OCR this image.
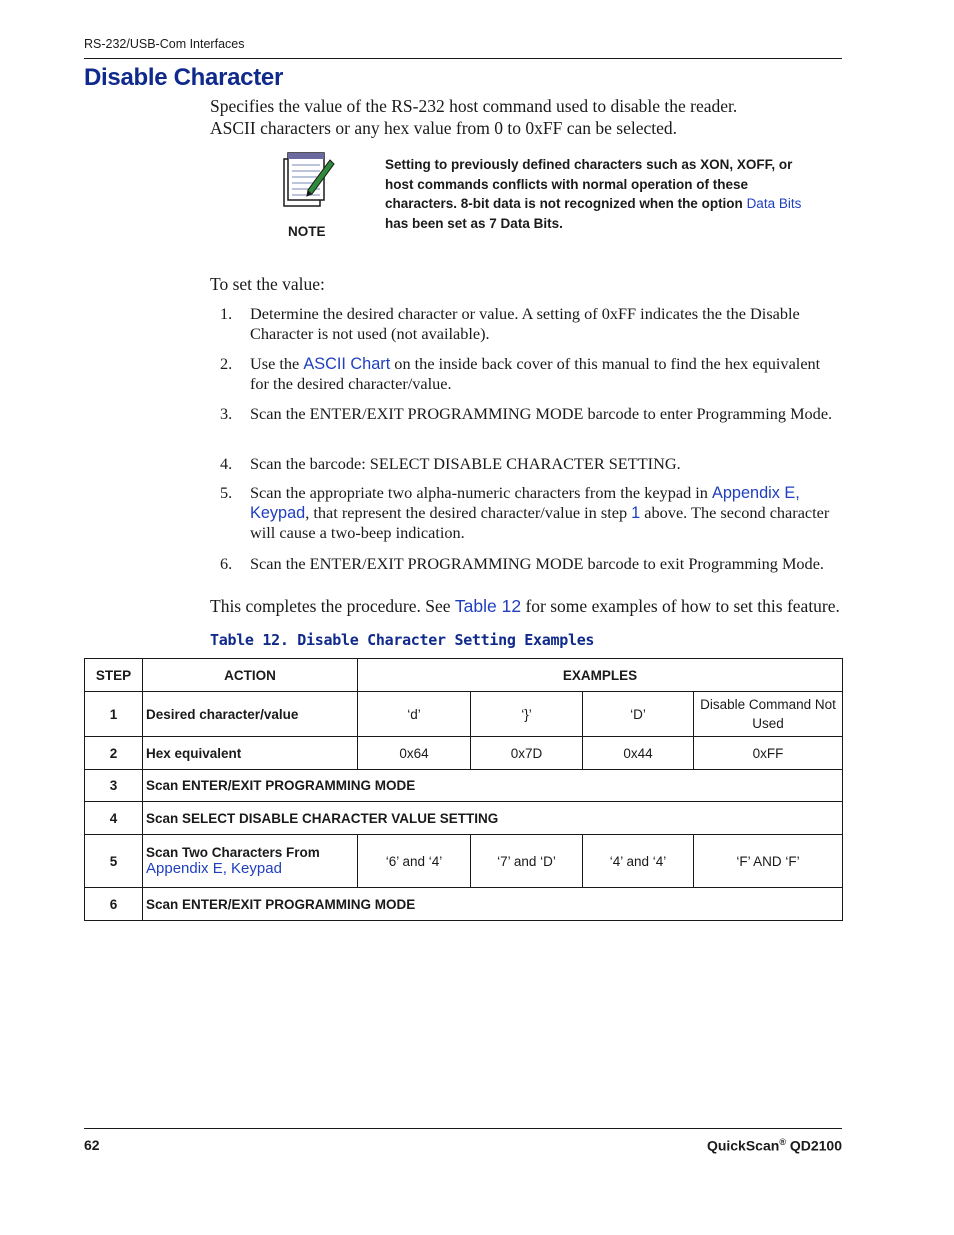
RS-232/USB-Com Interfaces
Disable Character
Specifies the value of the RS-232 host command used to disable the reader.
ASCII characters or any hex value from 0 to 0xFF can be selected.
NOTE
Setting to previously defined characters such as XON, XOFF, or host commands conflicts with normal operation of these characters. 8-bit data is not recognized when the option Data Bits has been set as 7 Data Bits.
To set the value:
1. Determine the desired character or value. A setting of 0xFF indicates the the Disable Character is not used (not available).
2. Use the ASCII Chart on the inside back cover of this manual to find the hex equivalent for the desired character/value.
3. Scan the ENTER/EXIT PROGRAMMING MODE barcode to enter Programming Mode.
4. Scan the barcode: SELECT DISABLE CHARACTER SETTING.
5. Scan the appropriate two alpha-numeric characters from the keypad in Appendix E, Keypad, that represent the desired character/value in step 1 above. The second character will cause a two-beep indication.
6. Scan the ENTER/EXIT PROGRAMMING MODE barcode to exit Programming Mode.
This completes the procedure. See Table 12 for some examples of how to set this feature.
Table 12. Disable Character Setting Examples
STEP	ACTION	EXAMPLES			
1	Desired character/value	‘d’	‘}’	‘D’	Disable Command Not Used
2	Hex equivalent	0x64	0x7D	0x44	0xFF
3	Scan ENTER/EXIT PROGRAMMING MODE				
4	Scan SELECT DISABLE CHARACTER VALUE SETTING				
5	Scan Two Characters From
Appendix E, Keypad	‘6’ and ‘4’	‘7’ and ‘D’	‘4’ and ‘4’	‘F’ AND ‘F’
6	Scan ENTER/EXIT PROGRAMMING MODE				
62	QuickScan® QD2100
